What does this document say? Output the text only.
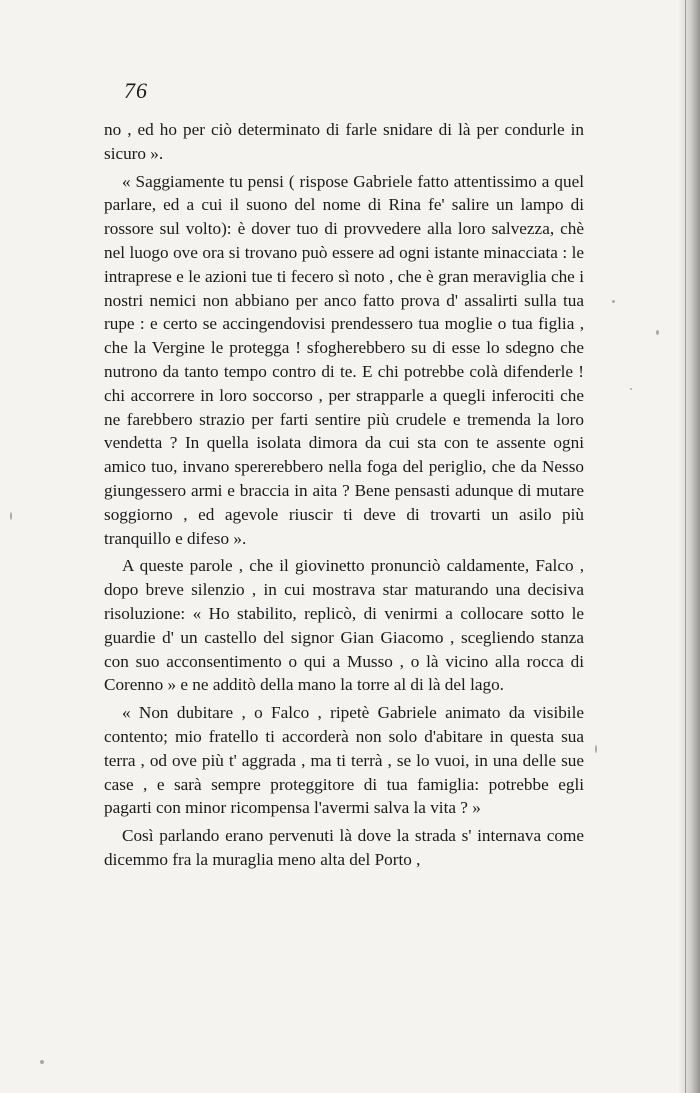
76

no , ed ho per ciò determinato di farle snidare di là per condurle in sicuro ».

« Saggiamente tu pensi ( rispose Gabriele fatto attentissimo a quel parlare, ed a cui il suono del nome di Rina fe' salire un lampo di rossore sul volto): è dover tuo di provvedere alla loro salvezza, chè nel luogo ove ora si trovano può essere ad ogni istante minacciata : le intraprese e le azioni tue ti fecero sì noto , che è gran meraviglia che i nostri nemici non abbiano per anco fatto prova d' assalirti sulla tua rupe : e certo se accingendovisi prendessero tua moglie o tua figlia , che la Vergine le protegga ! sfogherebbero su di esse lo sdegno che nutrono da tanto tempo contro di te. E chi potrebbe colà difenderle ! chi accorrere in loro soccorso , per strapparle a quegli inferociti che ne farebbero strazio per farti sentire più crudele e tremenda la loro vendetta ? In quella isolata dimora da cui sta con te assente ogni amico tuo, invano spererebbero nella foga del periglio, che da Nesso giungessero armi e braccia in aita ? Bene pensasti adunque di mutare soggiorno , ed agevole riuscir ti deve di trovarti un asilo più tranquillo e difeso ».

A queste parole , che il giovinetto pronunciò caldamente, Falco , dopo breve silenzio , in cui mostrava star maturando una decisiva risoluzione: « Ho stabilito, replicò, di venirmi a collocare sotto le guardie d' un castello del signor Gian Giacomo , scegliendo stanza con suo acconsentimento o qui a Musso , o là vicino alla rocca di Corenno » e ne additò della mano la torre al di là del lago.

« Non dubitare , o Falco , ripetè Gabriele animato da visibile contento; mio fratello ti accorderà non solo d'abitare in questa sua terra , od ove più t' aggrada , ma ti terrà , se lo vuoi, in una delle sue case , e sarà sempre proteggitore di tua famiglia: potrebbe egli pagarti con minor ricompensa l'avermi salva la vita ? »

Così parlando erano pervenuti là dove la strada s' internava come dicemmo fra la muraglia meno alta del Porto ,
